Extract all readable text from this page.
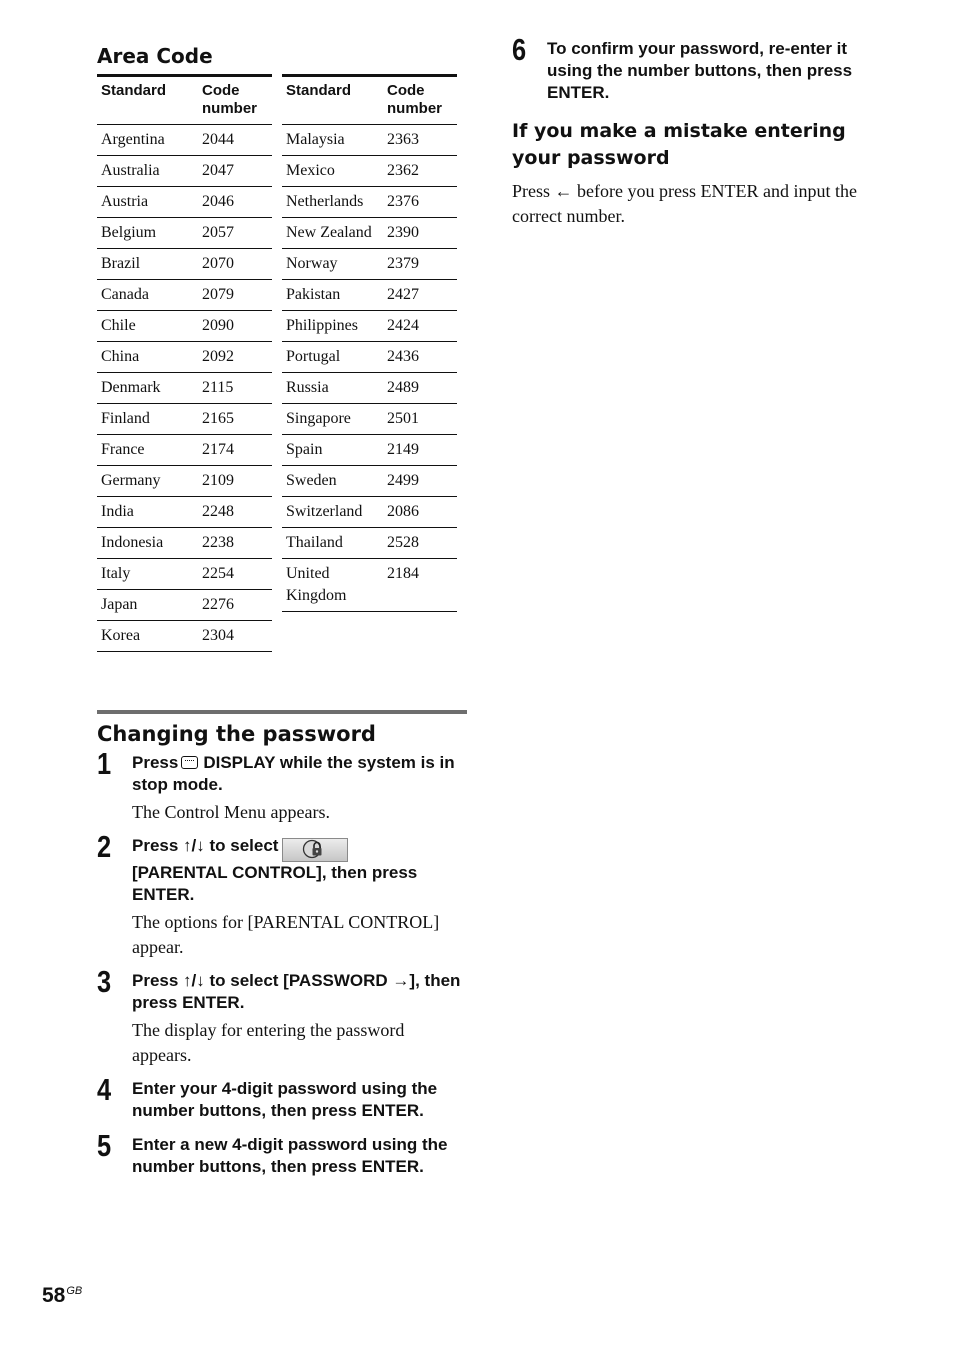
Area Code
Standard	Code number
Argentina	2044
Australia	2047
Austria	2046
Belgium	2057
Brazil	2070
Canada	2079
Chile	2090
China	2092
Denmark	2115
Finland	2165
France	2174
Germany	2109
India	2248
Indonesia	2238
Italy	2254
Japan	2276
Korea	2304
Standard	Code number
Malaysia	2363
Mexico	2362
Netherlands	2376
New Zealand	2390
Norway	2379
Pakistan	2427
Philippines	2424
Portugal	2436
Russia	2489
Singapore	2501
Spain	2149
Sweden	2499
Switzerland	2086
Thailand	2528
United Kingdom	2184
Changing the password
1 Press DISPLAY while the system is in stop mode.

The Control Menu appears.

2 Press ↑/↓ to select
[PARENTAL CONTROL], then press ENTER.

The options for [PARENTAL CONTROL] appear.

3 Press ↑/↓ to select [PASSWORD →], then press ENTER.

The display for entering the password appears.

4 Enter your 4-digit password using the number buttons, then press ENTER.

5 Enter a new 4-digit password using the number buttons, then press ENTER.

6 To confirm your password, re-enter it using the number buttons, then press ENTER.

If you make a mistake entering your password

Press ← before you press ENTER and input the correct number.

$58^{GB}$
